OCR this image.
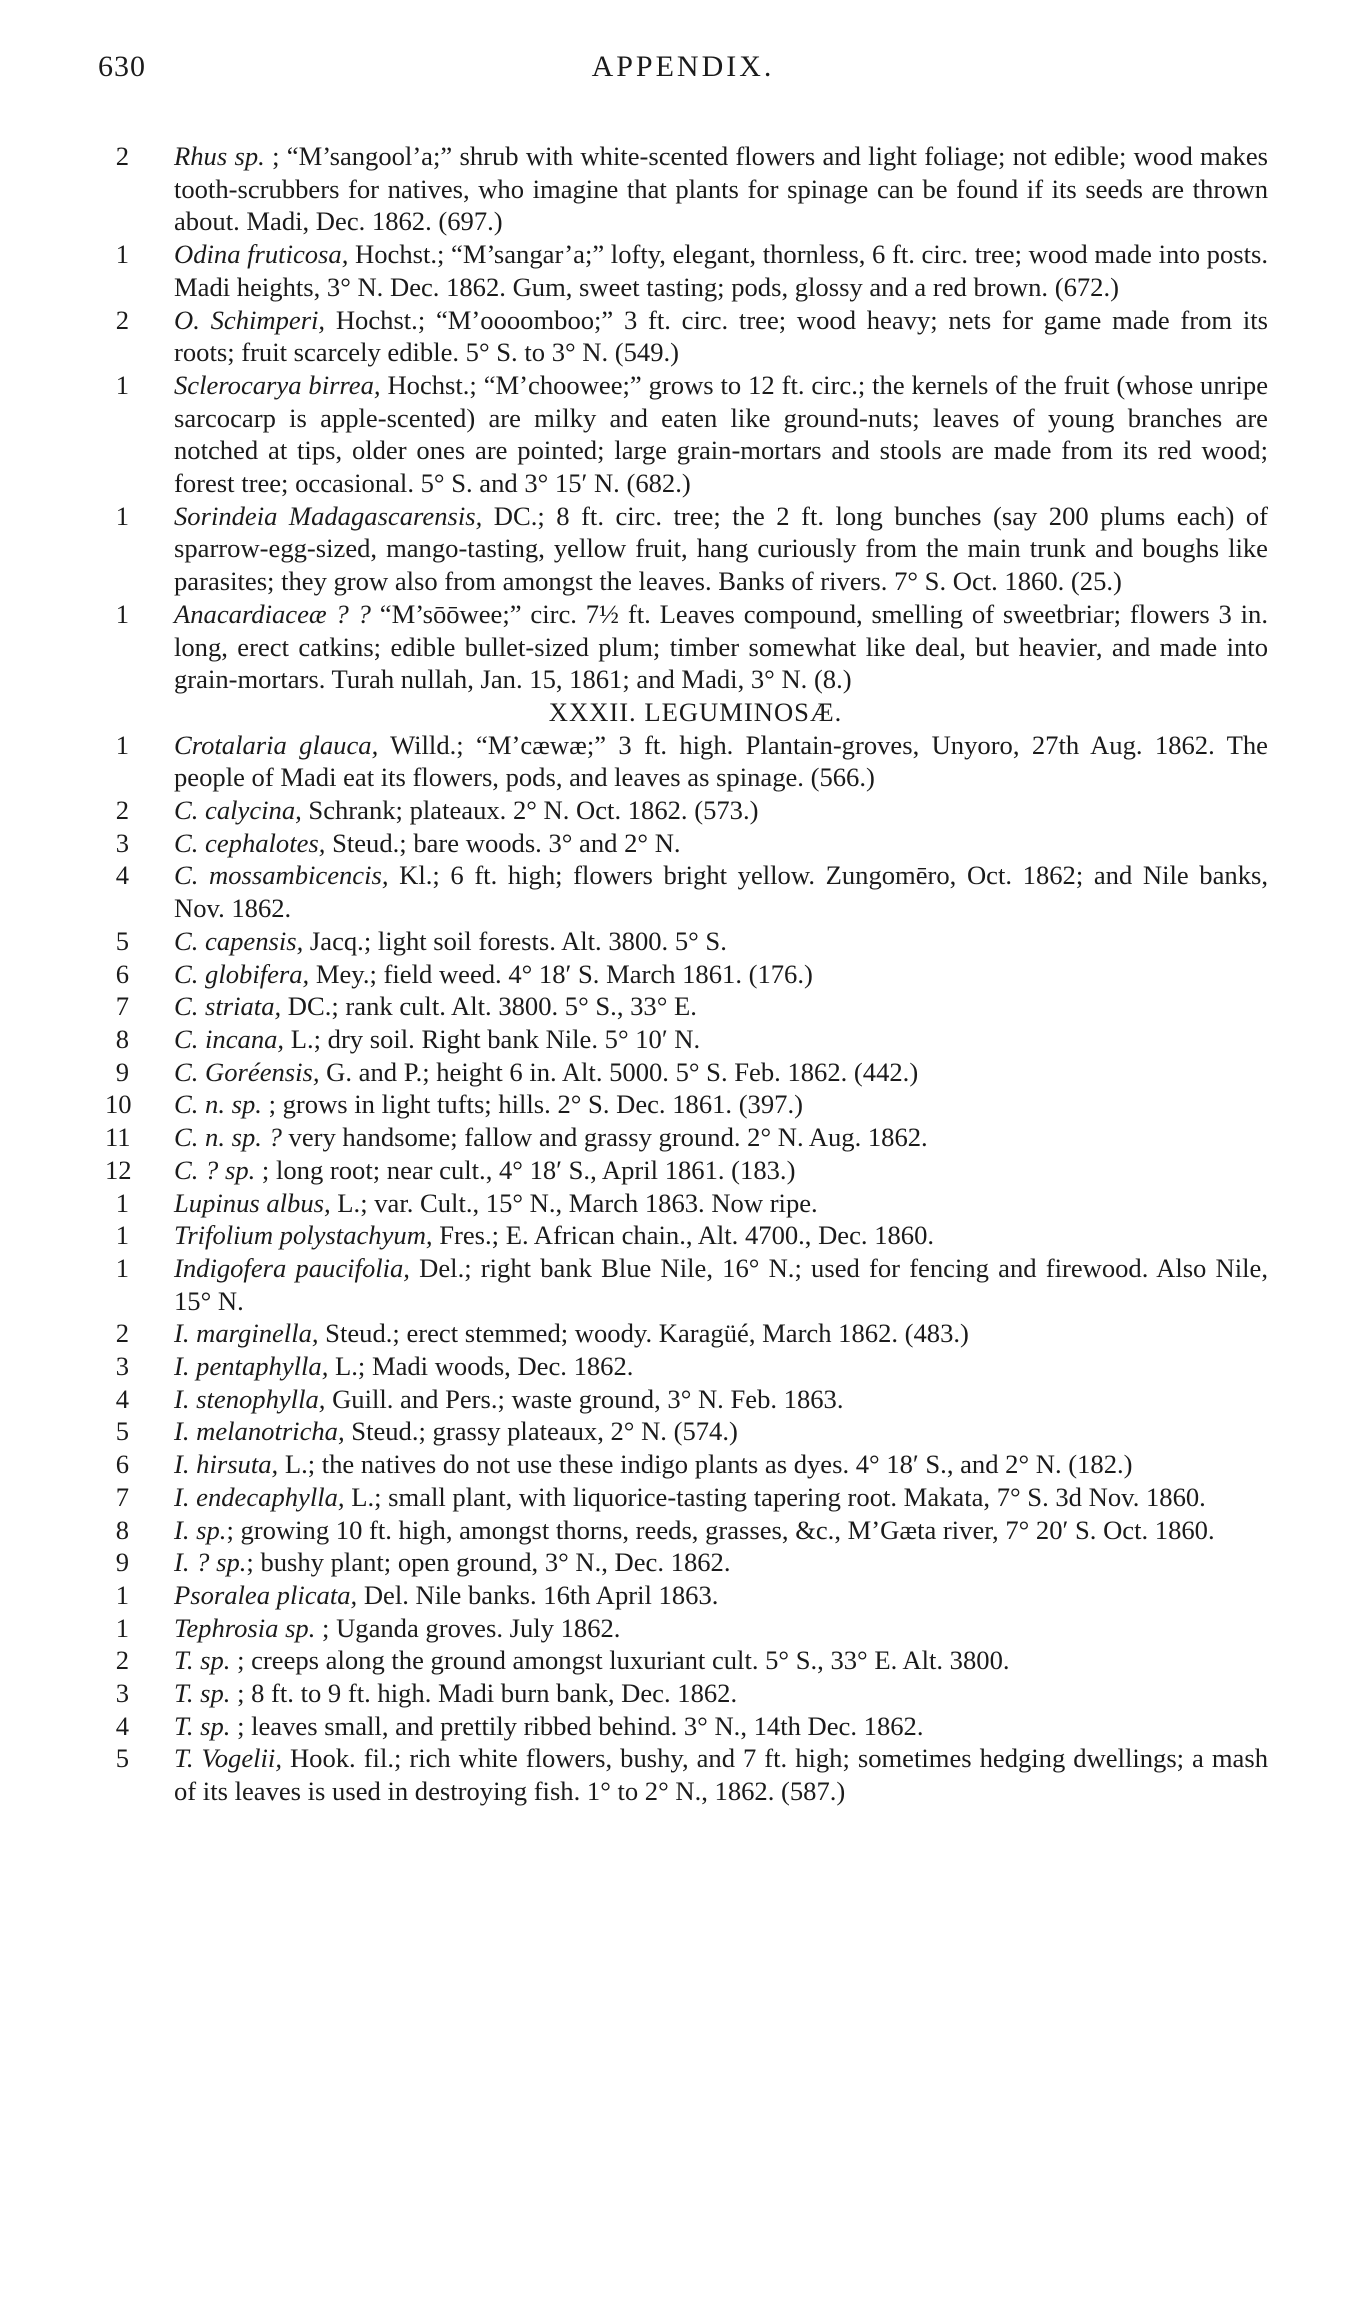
630	APPENDIX.
2 Rhus sp. ; “M’sangool’a;” shrub with white-scented flowers and light foliage; not edible; wood makes tooth-scrubbers for natives, who imagine that plants for spinage can be found if its seeds are thrown about. Madi, Dec. 1862. (697.)
1 Odina fruticosa, Hochst.; “M’sangar’a;” lofty, elegant, thornless, 6 ft. circ. tree; wood made into posts. Madi heights, 3° N. Dec. 1862. Gum, sweet tasting; pods, glossy and a red brown. (672.)
2 O. Schimperi, Hochst.; “M’oooomboo;” 3 ft. circ. tree; wood heavy; nets for game made from its roots; fruit scarcely edible. 5° S. to 3° N. (549.)
1 Sclerocarya birrea, Hochst.; “M’choowee;” grows to 12 ft. circ.; the kernels of the fruit (whose unripe sarcocarp is apple-scented) are milky and eaten like ground-nuts; leaves of young branches are notched at tips, older ones are pointed; large grain-mortars and stools are made from its red wood; forest tree; occasional. 5° S. and 3° 15′ N. (682.)
1 Sorindeia Madagascarensis, DC.; 8 ft. circ. tree; the 2 ft. long bunches (say 200 plums each) of sparrow-egg-sized, mango-tasting, yellow fruit, hang curiously from the main trunk and boughs like parasites; they grow also from amongst the leaves. Banks of rivers. 7° S. Oct. 1860. (25.)
1 Anacardiaceæ ? ? “M’sōōwee;” circ. 7½ ft. Leaves compound, smelling of sweetbriar; flowers 3 in. long, erect catkins; edible bullet-sized plum; timber somewhat like deal, but heavier, and made into grain-mortars. Turah nullah, Jan. 15, 1861; and Madi, 3° N. (8.)
XXXII. LEGUMINOSÆ.
1 Crotalaria glauca, Willd.; “M’cæwæ;” 3 ft. high. Plantain-groves, Unyoro, 27th Aug. 1862. The people of Madi eat its flowers, pods, and leaves as spinage. (566.)
2 C. calycina, Schrank; plateaux. 2° N. Oct. 1862. (573.)
3 C. cephalotes, Steud.; bare woods. 3° and 2° N.
4 C. mossambicencis, Kl.; 6 ft. high; flowers bright yellow. Zungomēro, Oct. 1862; and Nile banks, Nov. 1862.
5 C. capensis, Jacq.; light soil forests. Alt. 3800. 5° S.
6 C. globifera, Mey.; field weed. 4° 18′ S. March 1861. (176.)
7 C. striata, DC.; rank cult. Alt. 3800. 5° S., 33° E.
8 C. incana, L.; dry soil. Right bank Nile. 5° 10′ N.
9 C. Goréensis, G. and P.; height 6 in. Alt. 5000. 5° S. Feb. 1862. (442.)
10 C. n. sp. ; grows in light tufts; hills. 2° S. Dec. 1861. (397.)
11 C. n. sp. ? very handsome; fallow and grassy ground. 2° N. Aug. 1862.
12 C. ? sp. ; long root; near cult., 4° 18′ S., April 1861. (183.)
1 Lupinus albus, L.; var. Cult., 15° N., March 1863. Now ripe.
1 Trifolium polystachyum, Fres.; E. African chain., Alt. 4700., Dec. 1860.
1 Indigofera paucifolia, Del.; right bank Blue Nile, 16° N.; used for fencing and firewood. Also Nile, 15° N.
2 I. marginella, Steud.; erect stemmed; woody. Karagüé, March 1862. (483.)
3 I. pentaphylla, L.; Madi woods, Dec. 1862.
4 I. stenophylla, Guill. and Pers.; waste ground, 3° N. Feb. 1863.
5 I. melanotricha, Steud.; grassy plateaux, 2° N. (574.)
6 I. hirsuta, L.; the natives do not use these indigo plants as dyes. 4° 18′ S., and 2° N. (182.)
7 I. endecaphylla, L.; small plant, with liquorice-tasting tapering root. Makata, 7° S. 3d Nov. 1860.
8 I. sp.; growing 10 ft. high, amongst thorns, reeds, grasses, &c., M’Gæta river, 7° 20′ S. Oct. 1860.
9 I. ? sp.; bushy plant; open ground, 3° N., Dec. 1862.
1 Psoralea plicata, Del. Nile banks. 16th April 1863.
1 Tephrosia sp. ; Uganda groves. July 1862.
2 T. sp. ; creeps along the ground amongst luxuriant cult. 5° S., 33° E. Alt. 3800.
3 T. sp. ; 8 ft. to 9 ft. high. Madi burn bank, Dec. 1862.
4 T. sp. ; leaves small, and prettily ribbed behind. 3° N., 14th Dec. 1862.
5 T. Vogelii, Hook. fil.; rich white flowers, bushy, and 7 ft. high; sometimes hedging dwellings; a mash of its leaves is used in destroying fish. 1° to 2° N., 1862. (587.)
